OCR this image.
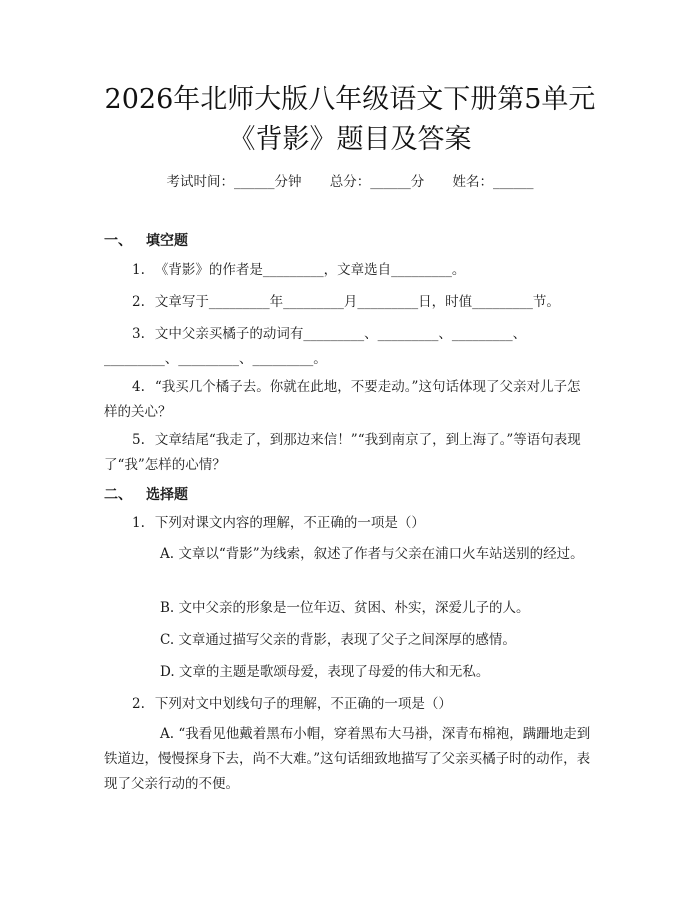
2026年北师大版八年级语文下册第5单元
《背影》题目及答案
考试时间：______分钟 总分：______分 姓名：______
一、 填空题
1. 《背影》的作者是_________，文章选自_________。
2. 文章写于_________年_________月_________日，时值_________节。
3. 文中父亲买橘子的动词有_________、_________、_________、_________、_________、_________。
4. “我买几个橘子去。你就在此地，不要走动。”这句话体现了父亲对儿子怎样的关心？
5. 文章结尾“我走了，到那边来信！”“我到南京了，到上海了。”等语句表现了“我”怎样的心情？
二、 选择题
1. 下列对课文内容的理解，不正确的一项是（）
A. 文章以“背影”为线索，叙述了作者与父亲在浦口火车站送别的经过。
B. 文中父亲的形象是一位年迈、贫困、朴实，深爱儿子的人。
C. 文章通过描写父亲的背影，表现了父子之间深厚的感情。
D. 文章的主题是歌颂母爱，表现了母爱的伟大和无私。
2. 下列对文中划线句子的理解，不正确的一项是（）
A. “我看见他戴着黑布小帽，穿着黑布大马褂，深青布棉袍，蹒跚地走到铁道边，慢慢探身下去，尚不大难。”这句话细致地描写了父亲买橘子时的动作，表现了父亲行动的不便。
